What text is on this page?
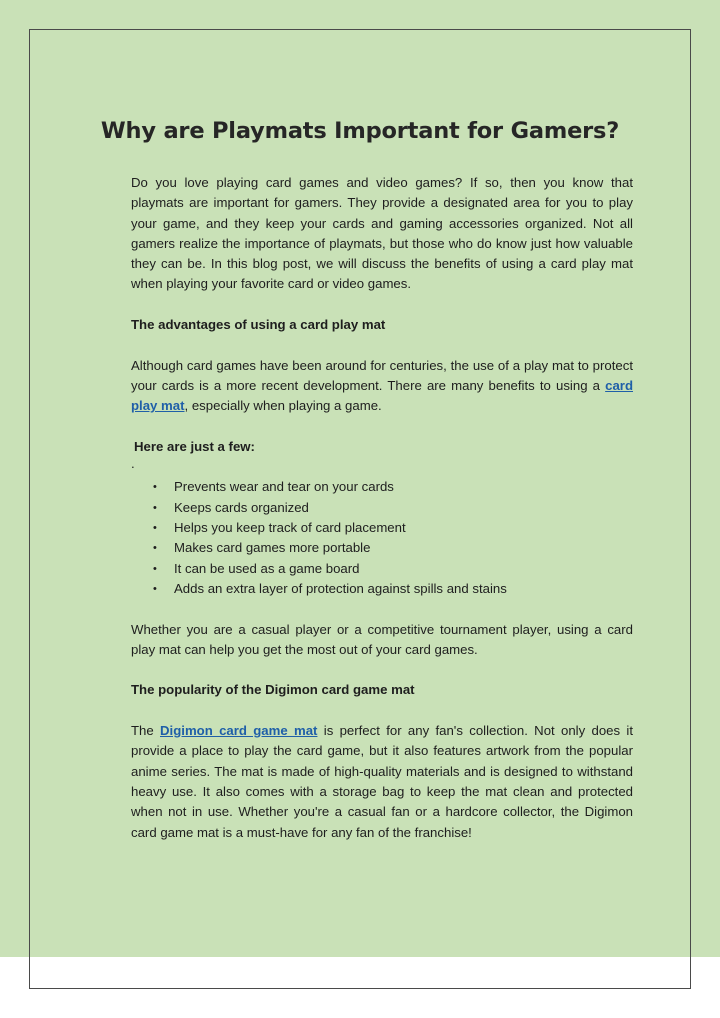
Why are Playmats Important for Gamers?

Do you love playing card games and video games? If so, then you know that playmats are important for gamers. They provide a designated area for you to play your game, and they keep your cards and gaming accessories organized. Not all gamers realize the importance of playmats, but those who do know just how valuable they can be. In this blog post, we will discuss the benefits of using a card play mat when playing your favorite card or video games.

The advantages of using a card play mat

Although card games have been around for centuries, the use of a play mat to protect your cards is a more recent development. There are many benefits to using a card play mat, especially when playing a game.

Here are just a few:

.
• Prevents wear and tear on your cards
• Keeps cards organized
• Helps you keep track of card placement
• Makes card games more portable
• It can be used as a game board
• Adds an extra layer of protection against spills and stains

Whether you are a casual player or a competitive tournament player, using a card play mat can help you get the most out of your card games.

The popularity of the Digimon card game mat

The Digimon card game mat is perfect for any fan's collection. Not only does it provide a place to play the card game, but it also features artwork from the popular anime series. The mat is made of high-quality materials and is designed to withstand heavy use. It also comes with a storage bag to keep the mat clean and protected when not in use. Whether you're a casual fan or a hardcore collector, the Digimon card game mat is a must-have for any fan of the franchise!
